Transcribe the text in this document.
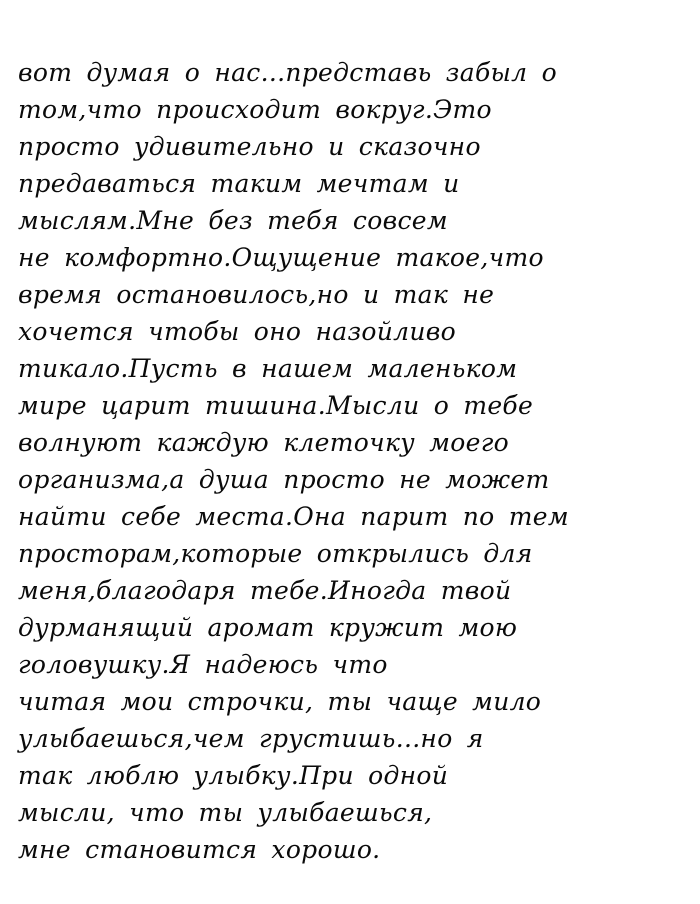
вот думая о нас...представь забыл о
том,что происходит вокруг.Это
просто удивительно и сказочно
предаваться таким мечтам и
мыслям.Мне без тебя совсем
не комфортно.Ощущение такое,что
время остановилось,но и так не
хочется чтобы оно назойливо
тикало.Пусть в нашем маленьком
мире царит тишина.Мысли о тебе
волнуют каждую клеточку моего
организма,а душа просто не может
найти себе места.Она парит по тем
просторам,которые открылись для
меня,благодаря тебе.Иногда твой
дурманящий аромат кружит мою
головушку.Я надеюсь что
читая мои строчки, ты чаще мило
улыбаешься,чем грустишь...но я
так люблю улыбку.При одной
мысли, что ты улыбаешься,
мне становится хорошо.
